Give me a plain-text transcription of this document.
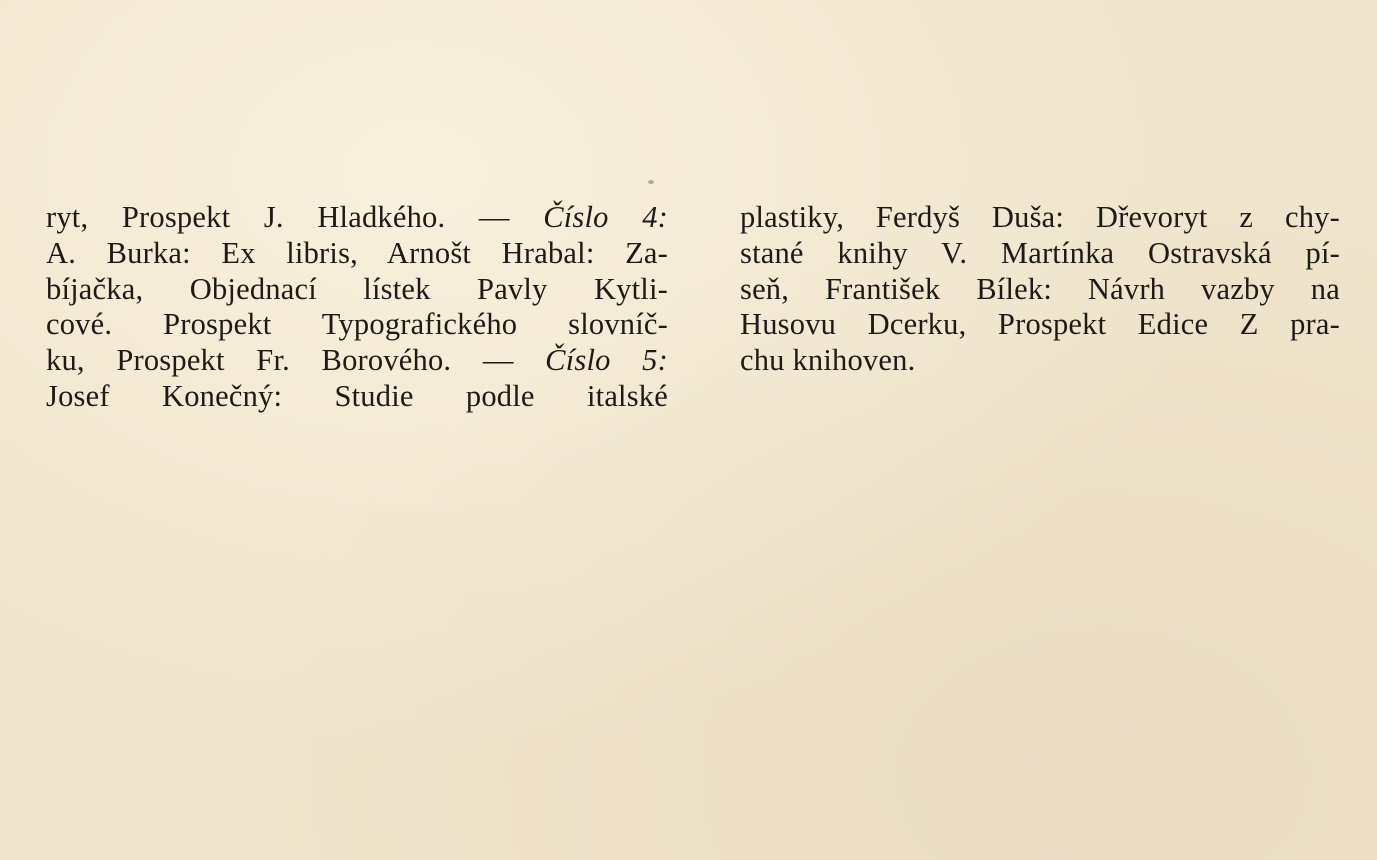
ryt, Prospekt J. Hladkého. — Číslo 4:
A. Burka: Ex libris, Arnošt Hrabal: Za-
bíjačka, Objednací lístek Pavly Kytli-
cové. Prospekt Typografického slovníč-
ku, Prospekt Fr. Borového. — Číslo 5:
Josef Konečný: Studie podle italské
plastiky, Ferdyš Duša: Dřevoryt z chy-
stané knihy V. Martínka Ostravská pí-
seň, František Bílek: Návrh vazby na
Husovu Dcerku, Prospekt Edice Z pra-
chu knihoven.
